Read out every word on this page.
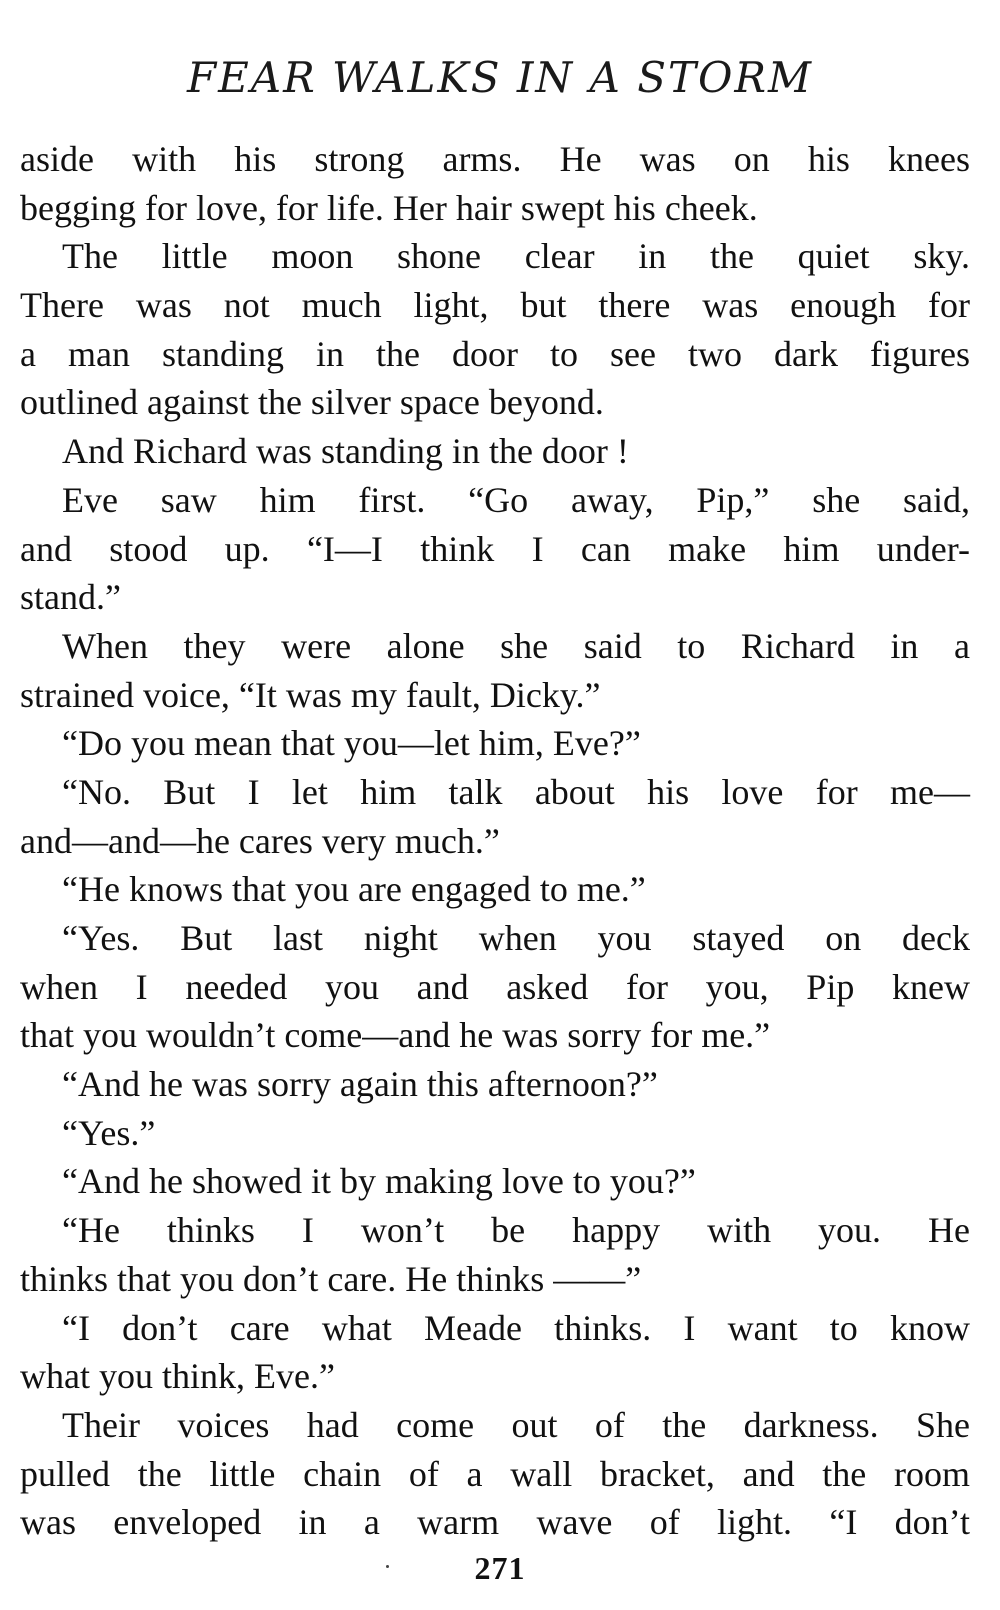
FEAR WALKS IN A STORM
aside with his strong arms. He was on his knees
begging for love, for life. Her hair swept his cheek.
The little moon shone clear in the quiet sky.
There was not much light, but there was enough for
a man standing in the door to see two dark figures
outlined against the silver space beyond.
And Richard was standing in the door !
Eve saw him first. “Go away, Pip,” she said,
and stood up. “I—I think I can make him under-
stand.”
When they were alone she said to Richard in a
strained voice, “It was my fault, Dicky.”
“Do you mean that you—let him, Eve?”
“No. But I let him talk about his love for me—
and—and—he cares very much.”
“He knows that you are engaged to me.”
“Yes. But last night when you stayed on deck
when I needed you and asked for you, Pip knew
that you wouldn’t come—and he was sorry for me.”
“And he was sorry again this afternoon?”
“Yes.”
“And he showed it by making love to you?”
“He thinks I won’t be happy with you. He
thinks that you don’t care. He thinks ——”
“I don’t care what Meade thinks. I want to know
what you think, Eve.”
Their voices had come out of the darkness. She
pulled the little chain of a wall bracket, and the room
was enveloped in a warm wave of light. “I don’t
271
